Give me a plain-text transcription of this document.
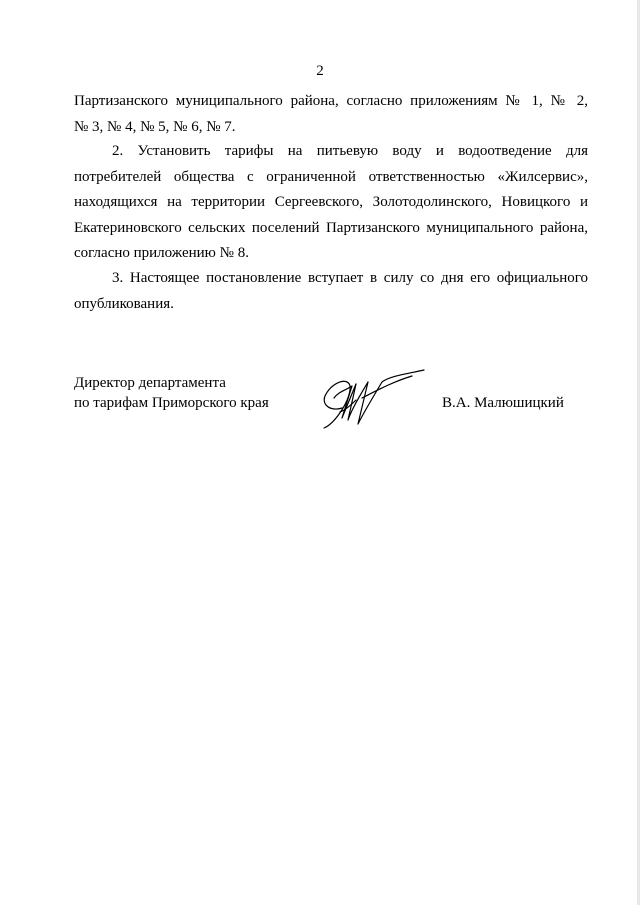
2
Партизанского муниципального района, согласно приложениям № 1, № 2,
№ 3, № 4, № 5, № 6, № 7.
2. Установить тарифы на питьевую воду и водоотведение для
потребителей общества с ограниченной ответственностью «Жилсервис»,
находящихся на территории Сергеевского, Золотодолинского, Новицкого и
Екатериновского сельских поселений Партизанского муниципального района,
согласно приложению № 8.
3. Настоящее постановление вступает в силу со дня его официального
опубликования.
Директор департамента
по тарифам Приморского края	В.А. Малюшицкий
